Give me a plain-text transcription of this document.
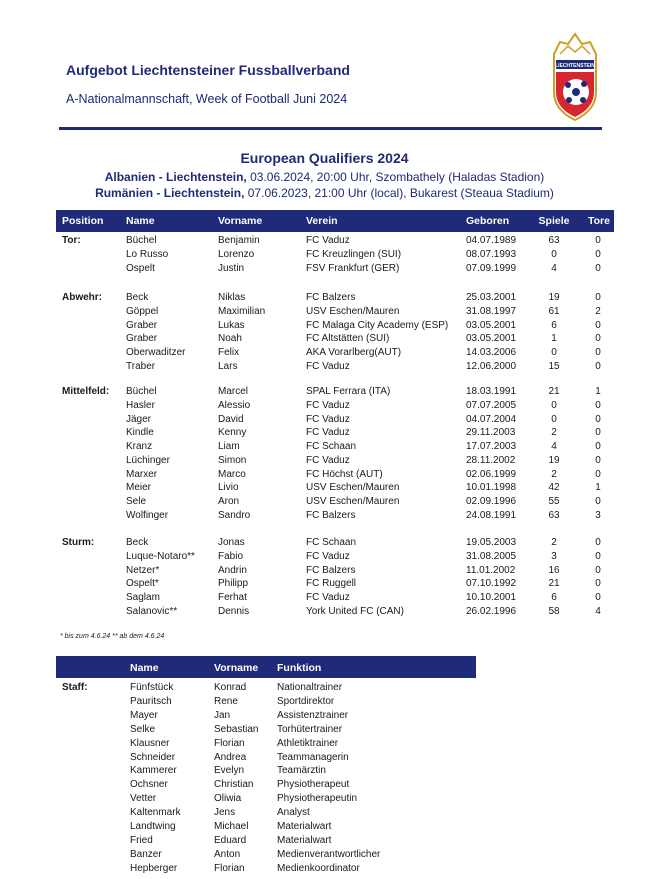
Aufgebot Liechtensteiner Fussballverband
A-Nationalmannschaft, Week of Football Juni 2024
LIECHTENSTEIN
European Qualifiers 2024
Albanien - Liechtenstein, 03.06.2024, 20:00 Uhr, Szombathely (Haladas Stadion)
Rumänien - Liechtenstein, 07.06.2023, 21:00 Uhr (local), Bukarest (Steaua Stadium)
Position Name	Vorname	Verein	Geboren	Spiele	Tore
Tor:	Büchel	Benjamin	FC Vaduz	04.07.1989	63	0
Lo Russo	Lorenzo	FC Kreuzlingen (SUI)	08.07.1993	0	0
Ospelt	Justin	FSV Frankfurt (GER)	07.09.1999	4	0
Abwehr: Beck	Niklas	FC Balzers	25.03.2001	19	0
Göppel	Maximilian	USV Eschen/Mauren	31.08.1997	61	2
Graber	Lukas	FC Malaga City Academy (ESP) 03.05.2001	6	0
Graber	Noah	FC Altstätten (SUI)	03.05.2001	1	0
Oberwaditzer	Felix	AKA Vorarlberg(AUT)	14.03.2006	0	0
Traber	Lars	FC Vaduz	12.06.2000	15	0
Mittelfeld: Büchel	Marcel	SPAL Ferrara (ITA)	18.03.1991	21	1
Hasler	Alessio	FC Vaduz	07.07.2005	0	0
Jäger	David	FC Vaduz	04.07.2004	0	0
Kindle	Kenny	FC Vaduz	29.11.2003	2	0
Kranz	Liam	FC Schaan	17.07.2003	4	0
Lüchinger	Simon	FC Vaduz	28.11.2002	19	0
Marxer	Marco	FC Höchst (AUT)	02.06.1999	2	0
Meier	Livio	USV Eschen/Mauren	10.01.1998	42	1
Sele	Aron	USV Eschen/Mauren	02.09.1996	55	0
Wolfinger	Sandro	FC Balzers	24.08.1991	63	3
Sturm:	Beck	Jonas	FC Schaan	19.05.2003	2	0
Luque-Notaro** Fabio	FC Vaduz	31.08.2005	3	0
Netzer*	Andrin	FC Balzers	11.01.2002	16	0
Ospelt*	Philipp	FC Ruggell	07.10.1992	21	0
Saglam	Ferhat	FC Vaduz	10.10.2001	6	0
Salanovic**	Dennis	York United FC (CAN)	26.02.1996	58	4
* bis zum 4.6.24 ** ab dem 4.6.24
Name	Vorname Funktion
Staff:	Fünfstück	Konrad	Nationaltrainer
Pauritsch	Rene	Sportdirektor
Mayer	Jan	Assistenztrainer
Selke	Sebastian Torhütertrainer
Klausner	Florian	Athletiktrainer
Schneider	Andrea	Teammanagerin
Kammerer	Evelyn	Teamärztin
Ochsner	Christian Physiotherapeut
Vetter	Oliwia	Physiotherapeutin
Kaltenmark	Jens	Analyst
Landtwing	Michael	Materialwart
Fried	Eduard	Materialwart
Banzer	Anton	Medienverantwortlicher
Hepberger	Florian	Medienkoordinator
